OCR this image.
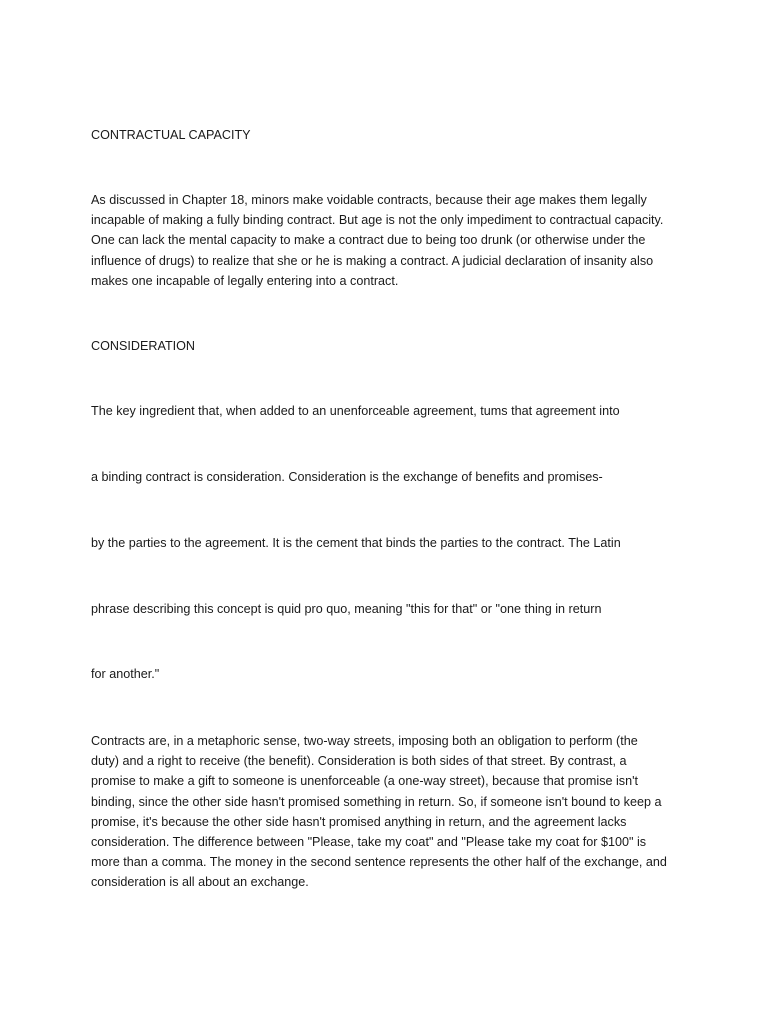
CONTRACTUAL CAPACITY

As discussed in Chapter 18, minors make voidable contracts, because their age makes them legally
incapable of making a fully binding contract. But age is not the only impediment to contractual capacity.
One can lack the mental capacity to make a contract due to being too drunk (or otherwise under the
influence of drugs) to realize that she or he is making a contract. A judicial declaration of insanity also
makes one incapable of legally entering into a contract.

CONSIDERATION

The key ingredient that, when added to an unenforceable agreement, tums that agreement into

a binding contract is consideration. Consideration is the exchange of benefits and promises-

by the parties to the agreement. It is the cement that binds the parties to the contract. The Latin

phrase describing this concept is quid pro quo, meaning "this for that" or "one thing in return

for another."

Contracts are, in a metaphoric sense, two-way streets, imposing both an obligation to perform (the
duty) and a right to receive (the benefit). Consideration is both sides of that street. By contrast, a
promise to make a gift to someone is unenforceable (a one-way street), because that promise isn't
binding, since the other side hasn't promised something in return. So, if someone isn't bound to keep a
promise, it's because the other side hasn't promised anything in return, and the agreement lacks
consideration. The difference between "Please, take my coat" and "Please take my coat for $100" is
more than a comma. The money in the second sentence represents the other half of the exchange, and
consideration is all about an exchange.
